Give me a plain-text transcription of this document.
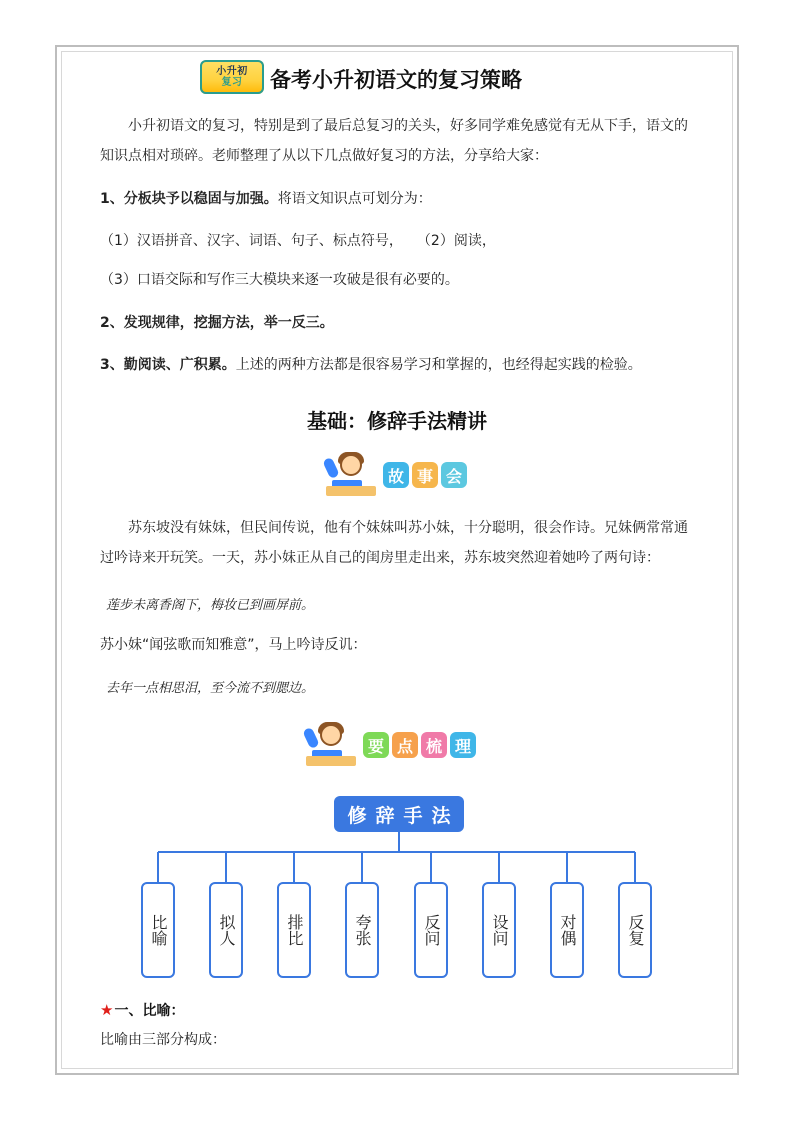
小升初
复习 备考小升初语文的复习策略
小升初语文的复习，特别是到了最后总复习的关头，好多同学难免感觉有无从下手，语文的知识点相对琐碎。老师整理了从以下几点做好复习的方法，分享给大家：
1、分板块予以稳固与加强。将语文知识点可划分为：
（1）汉语拼音、汉字、词语、句子、标点符号，　　（2）阅读，
（3）口语交际和写作三大模块来逐一攻破是很有必要的。
2、发现规律，挖掘方法，举一反三。
3、勤阅读、广积累。上述的两种方法都是很容易学习和掌握的，也经得起实践的检验。
基础：修辞手法精讲
故 事 会
苏东坡没有妹妹，但民间传说，他有个妹妹叫苏小妹，十分聪明，很会作诗。兄妹俩常常通过吟诗来开玩笑。一天，苏小妹正从自己的闺房里走出来，苏东坡突然迎着她吟了两句诗：
莲步未离香阁下，梅妆已到画屏前。
苏小妹“闻弦歌而知雅意”，马上吟诗反讥：
去年一点相思泪，至今流不到腮边。
要 点 梳 理
修辞手法
比喻	拟人	排比	夸张	反问	设问	对偶	反复
★一、比喻：
比喻由三部分构成：
